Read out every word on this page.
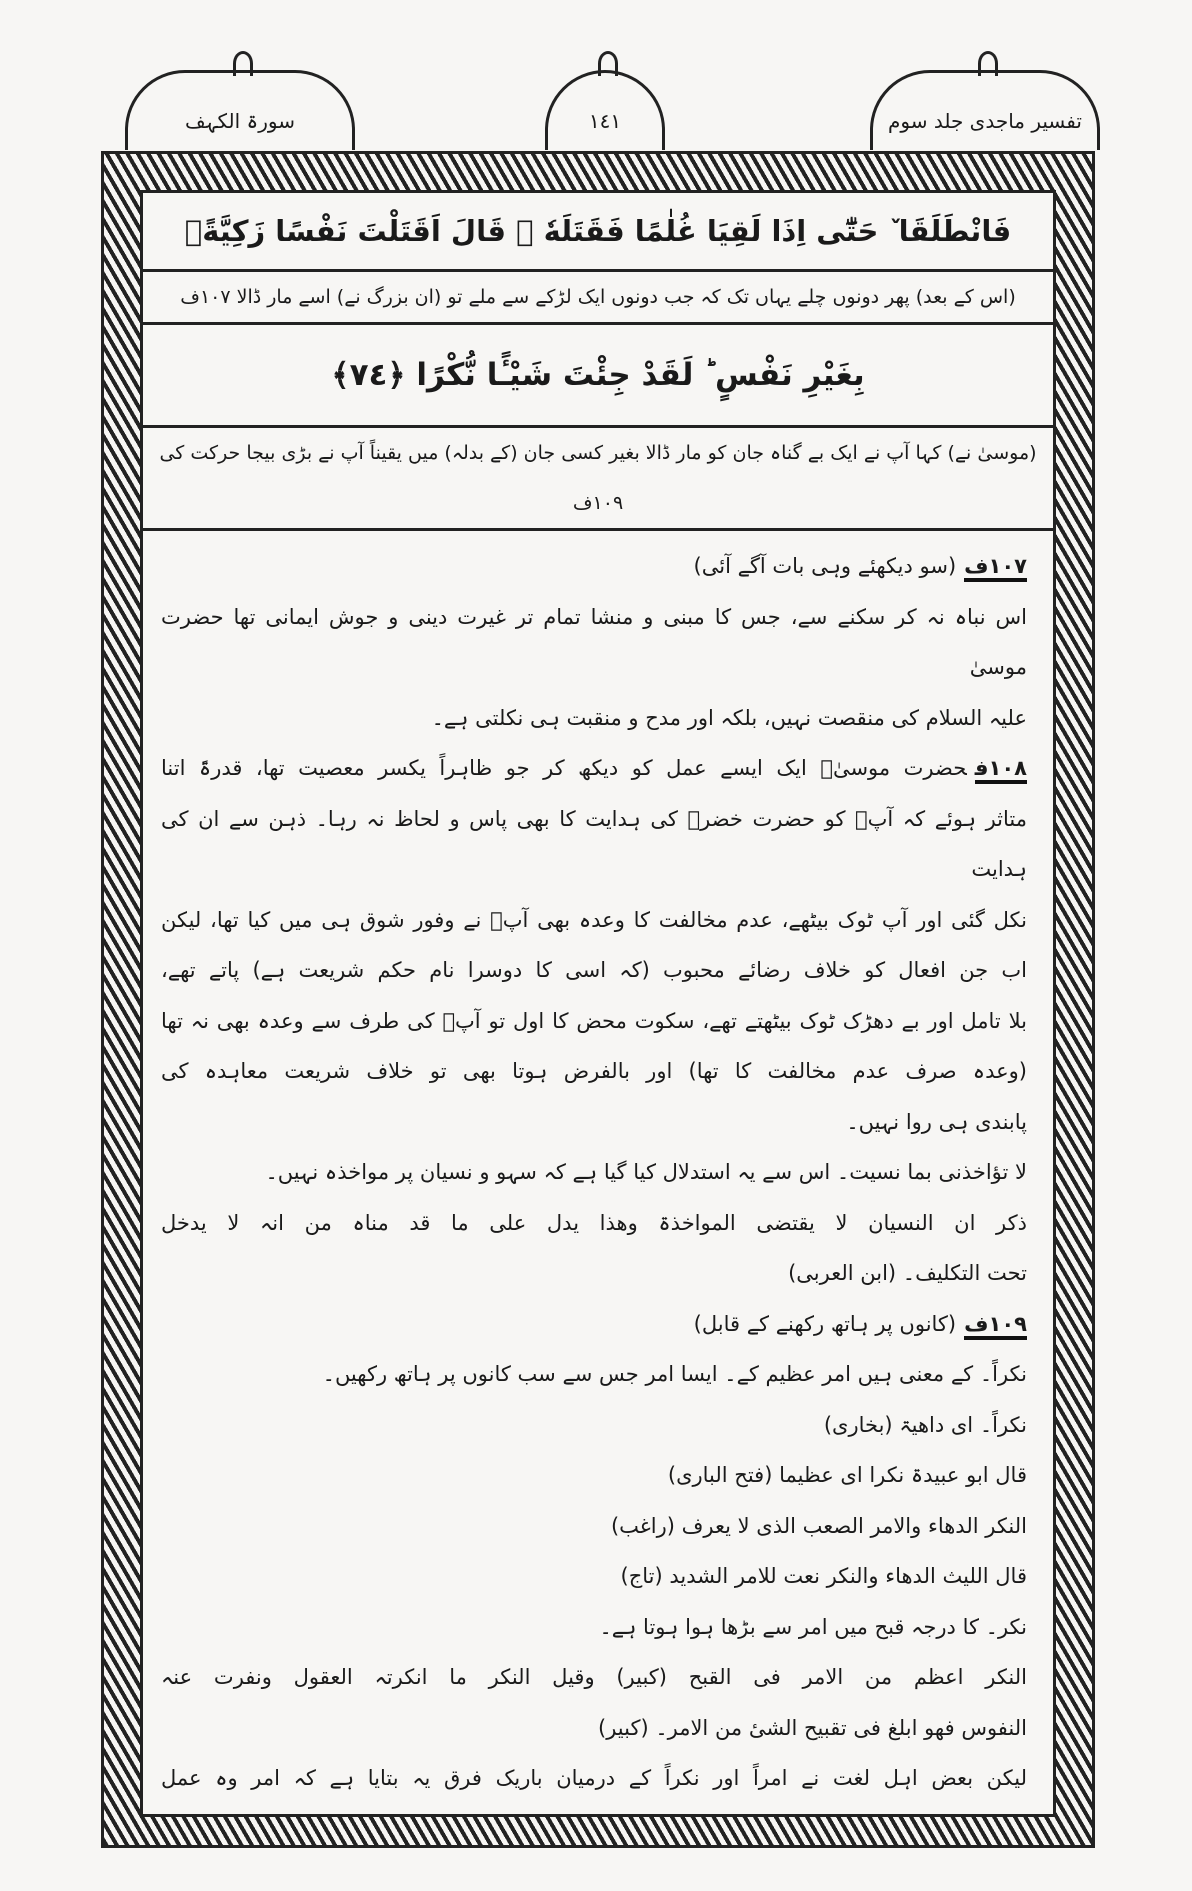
سورۃ الکہف	١٤١	تفسیر ماجدی جلد سوم
فَانْطَلَقَا ٚ حَتّٰٓى اِذَا لَقِيَا غُلٰمًا فَقَتَلَهٗ ۙ قَالَ اَقَتَلْتَ نَفْسًا زَكِيَّةًۢ
(اس کے بعد) پھر دونوں چلے یہاں تک کہ جب دونوں ایک لڑکے سے ملے تو (ان بزرگ نے) اسے مار ڈالا ١٠٧ف
بِغَيْرِ نَفْسٍ ؕ لَقَدْ جِئْتَ شَيْـًٔا نُّكْرًا ﴿٧٤﴾
(موسیٰ نے) کہا آپ نے ایک بے گناہ جان کو مار ڈالا بغیر کسی جان (کے بدلہ) میں یقیناً آپ نے بڑی بیجا حرکت کی ١٠٩ف
١٠٧ف(سو دیکھئے وہی بات آگے آئی)
اس نباہ نہ کر سکنے سے، جس کا مبنی و منشا تمام تر غیرت دینی و جوش ایمانی تھا حضرت موسیٰ
علیہ السلام کی منقصت نہیں، بلکہ اور مدح و منقبت ہی نکلتی ہے۔
١٠٨فحضرت موسیٰؑ ایک ایسے عمل کو دیکھ کر جو ظاہراً یکسر معصیت تھا، قدرۃً اتنا
متاثر ہوئے کہ آپؑ کو حضرت خضرؑ کی ہدایت کا بھی پاس و لحاظ نہ رہا۔ ذہن سے ان کی ہدایت
نکل گئی اور آپ ٹوک بیٹھے، عدم مخالفت کا وعدہ بھی آپؑ نے وفور شوق ہی میں کیا تھا، لیکن
اب جن افعال کو خلاف رضائے محبوب (کہ اسی کا دوسرا نام حکم شریعت ہے) پاتے تھے،
بلا تامل اور بے دھڑک ٹوک بیٹھتے تھے، سکوت محض کا اول تو آپؑ کی طرف سے وعدہ بھی نہ تھا
(وعدہ صرف عدم مخالفت کا تھا) اور بالفرض ہوتا بھی تو خلاف شریعت معاہدہ کی
پابندی ہی روا نہیں۔
لا تؤاخذنی بما نسیت۔ اس سے یہ استدلال کیا گیا ہے کہ سہو و نسیان پر مواخذہ نہیں۔
ذکر ان النسیان لا یقتضی المواخذۃ وھذا یدل علی ما قد مناہ من انہ لا یدخل
تحت التکلیف۔ (ابن العربی)
١٠٩ف(کانوں پر ہاتھ رکھنے کے قابل)
نکراً۔ کے معنی ہیں امر عظیم کے۔ ایسا امر جس سے سب کانوں پر ہاتھ رکھیں۔
نکراً۔ ای داھیۃ (بخاری)
قال ابو عبیدۃ نکرا ای عظیما (فتح الباری)
النکر الدھاء والامر الصعب الذی لا یعرف (راغب)
قال اللیث الدھاء والنکر نعت للامر الشدید (تاج)
نکر۔ کا درجہ قبح میں امر سے بڑھا ہوا ہوتا ہے۔
النکر اعظم من الامر فی القبح (کبیر) وقیل النکر ما انکرتہ العقول ونفرت عنہ
النفوس فھو ابلغ فی تقبیح الشیٔ من الامر۔ (کبیر)
لیکن بعض اہل لغت نے امراً اور نکراً کے درمیان باریک فرق یہ بتایا ہے کہ امر وہ عمل
